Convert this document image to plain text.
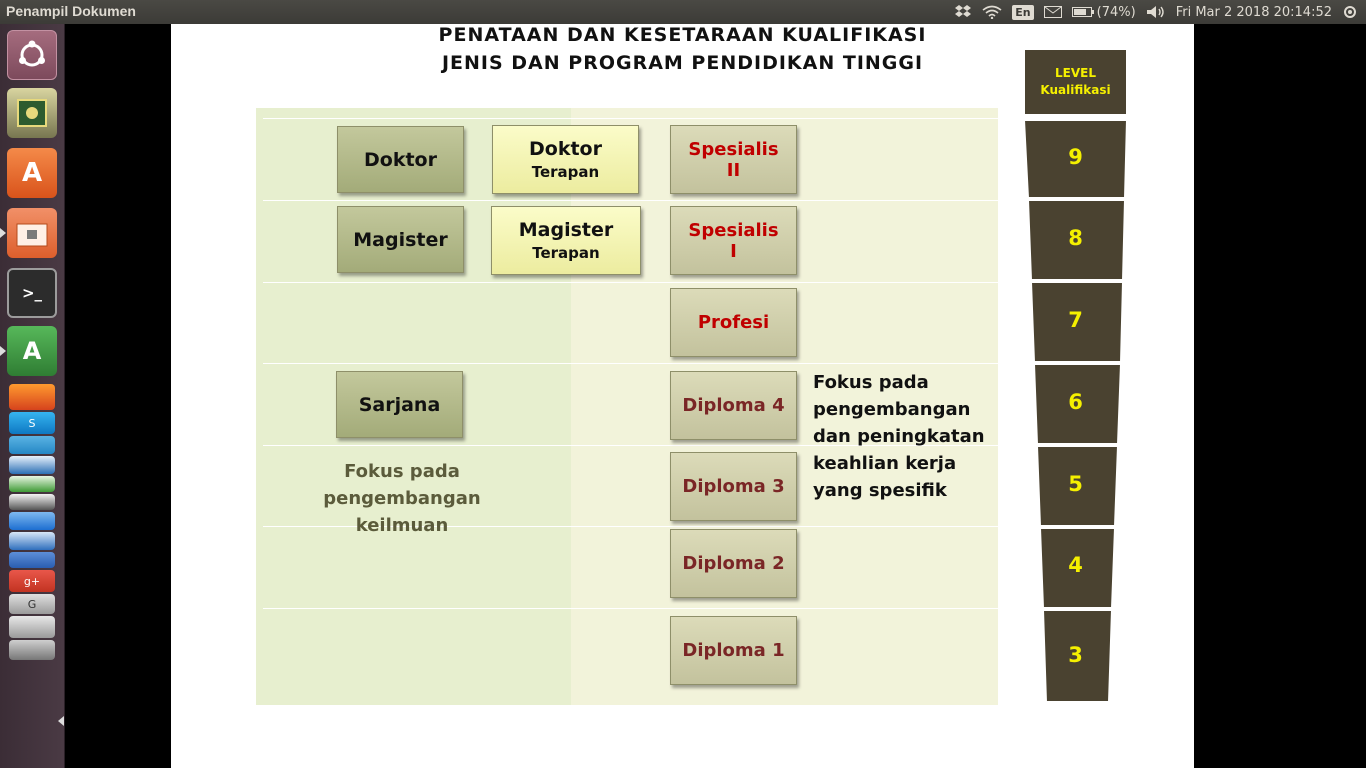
Penampil Dokumen	En	(74%)	Fri Mar 2 2018 20:14:52
A
>_
A
S
g+
G
PENATAAN DAN KESETARAAN KUALIFIKASI
JENIS DAN PROGRAM PENDIDIKAN TINGGI
Doktor
Magister
Sarjana
Doktor
Terapan
Magister
Terapan
Spesialis
II
Spesialis
I
Profesi
Diploma 4
Diploma 3
Diploma 2
Diploma 1
Fokus pada
pengembangan
keilmuan
Fokus pada
pengembangan
dan peningkatan
keahlian kerja
yang spesifik
LEVEL
Kualifikasi
9
8
7
6
5
4
3
